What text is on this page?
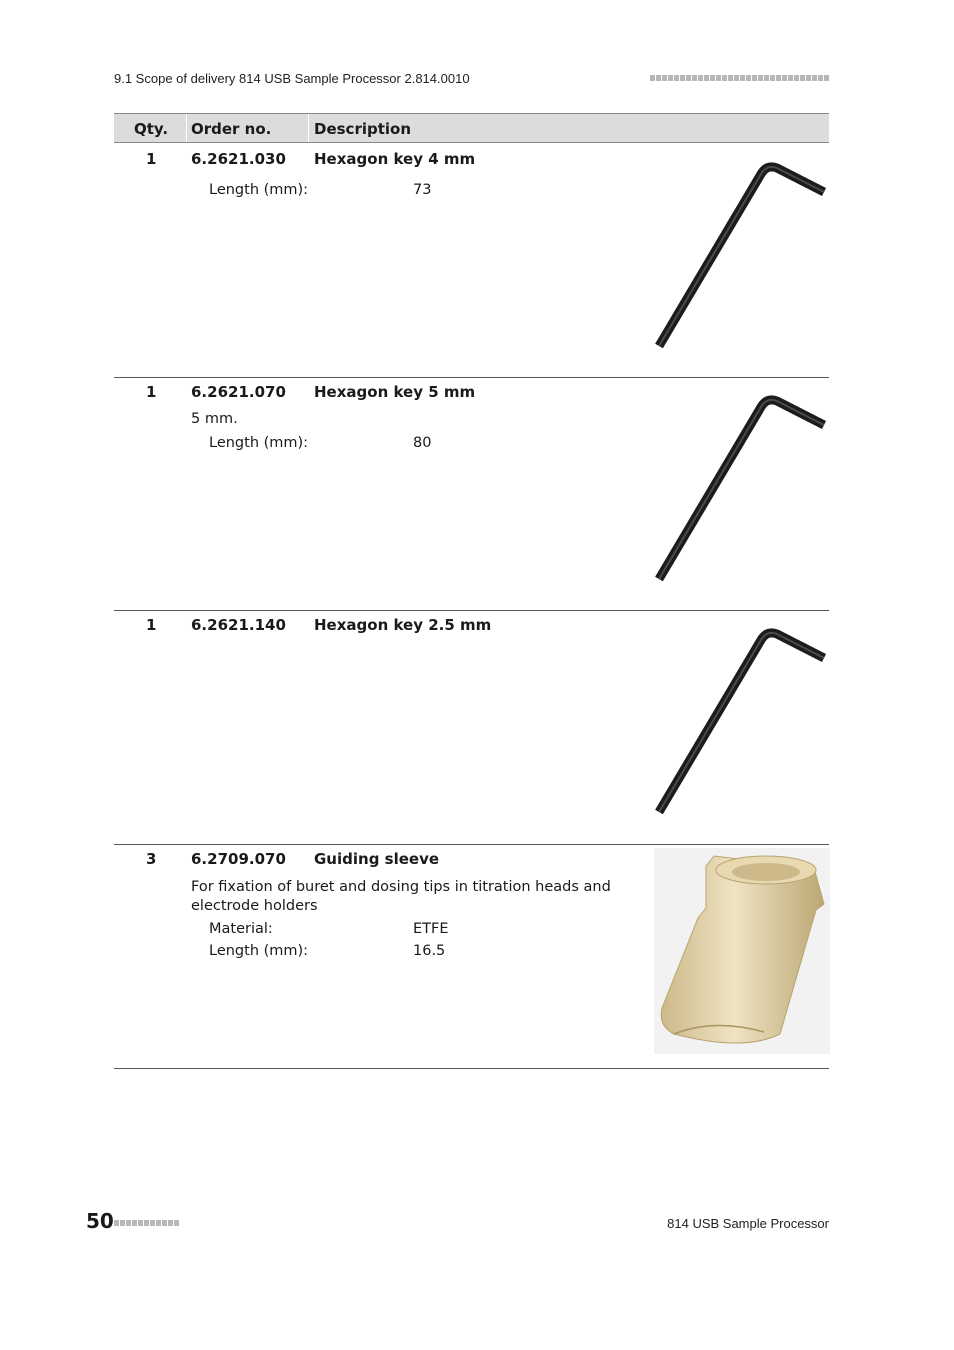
9.1 Scope of delivery 814 USB Sample Processor 2.814.0010
Qty. Order no.	Description
1 6.2621.030 Hexagon key 4 mm
Length (mm):	73
1 6.2621.070 Hexagon key 5 mm
5 mm.
Length (mm):	80
1 6.2621.140 Hexagon key 2.5 mm
3 6.2709.070 Guiding sleeve
For fixation of buret and dosing tips in titration heads and electrode holders
Material:	ETFE
Length (mm):	16.5
50	814 USB Sample Processor
